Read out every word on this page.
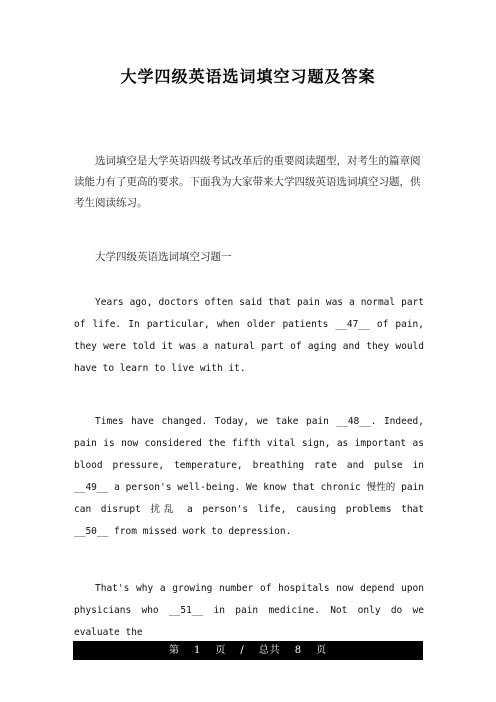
大学四级英语选词填空习题及答案
选词填空是大学英语四级考试改革后的重要阅读题型，对考生的篇章阅读能力有了更高的要求。下面我为大家带来大学四级英语选词填空习题，供考生阅读练习。
大学四级英语选词填空习题一
Years ago, doctors often said that pain was a normal part of life. In particular, when older patients __47__ of pain, they were told it was a natural part of aging and they would have to learn to live with it.
Times have changed. Today, we take pain __48__. Indeed, pain is now considered the fifth vital sign, as important as blood pressure, temperature, breathing rate and pulse in __49__ a person's well-being. We know that chronic 慢性的 pain can disrupt 扰乱 a person's life, causing problems that __50__ from missed work to depression.
That's why a growing number of hospitals now depend upon physicians who __51__ in pain medicine. Not only do we evaluate the
第 1 页 / 总共 8 页
